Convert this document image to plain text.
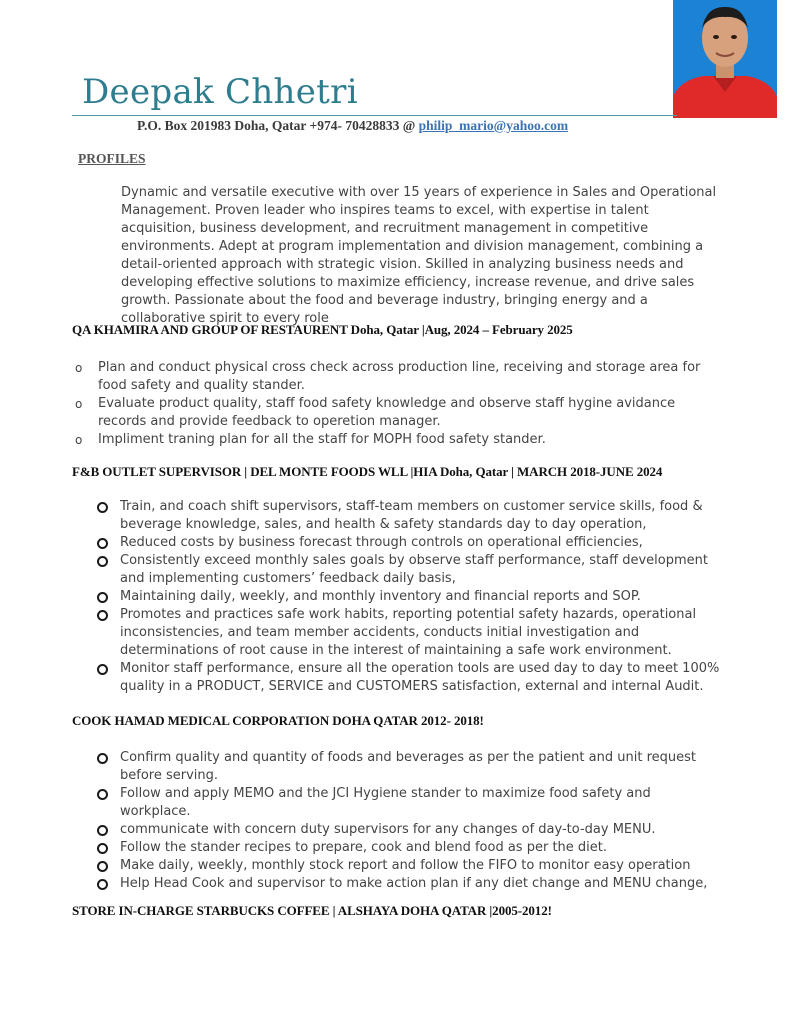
Deepak Chhetri
P.O. Box 201983 Doha, Qatar +974- 70428833 @ philip_mario@yahoo.com
PROFILES

Dynamic and versatile executive with over 15 years of experience in Sales and Operational Management. Proven leader who inspires teams to excel, with expertise in talent acquisition, business development, and recruitment management in competitive environments. Adept at program implementation and division management, combining a detail-oriented approach with strategic vision. Skilled in analyzing business needs and developing effective solutions to maximize efficiency, increase revenue, and drive sales growth. Passionate about the food and beverage industry, bringing energy and a collaborative spirit to every role

QA KHAMIRA AND GROUP OF RESTAURENT Doha, Qatar |Aug, 2024 – February 2025
o Plan and conduct physical cross check across production line, receiving and storage area for food safety and quality stander.
o Evaluate product quality, staff food safety knowledge and observe staff hygine avidance records and provide feedback to operetion manager.
o Impliment traning plan for all the staff for MOPH food safety stander.
F&B OUTLET SUPERVISOR | DEL MONTE FOODS WLL |HIA Doha, Qatar | MARCH 2018-JUNE 2024
Train, and coach shift supervisors, staff-team members on customer service skills, food & beverage knowledge, sales, and health & safety standards day to day operation,
Reduced costs by business forecast through controls on operational efficiencies,
Consistently exceed monthly sales goals by observe staff performance, staff development and implementing customers’ feedback daily basis,
Maintaining daily, weekly, and monthly inventory and financial reports and SOP.
Promotes and practices safe work habits, reporting potential safety hazards, operational inconsistencies, and team member accidents, conducts initial investigation and determinations of root cause in the interest of maintaining a safe work environment.
Monitor staff performance, ensure all the operation tools are used day to day to meet 100% quality in a PRODUCT, SERVICE and CUSTOMERS satisfaction, external and internal Audit.
COOK HAMAD MEDICAL CORPORATION DOHA QATAR 2012- 2018!
Confirm quality and quantity of foods and beverages as per the patient and unit request before serving.
Follow and apply MEMO and the JCI Hygiene stander to maximize food safety and workplace.
communicate with concern duty supervisors for any changes of day-to-day MENU.
Follow the stander recipes to prepare, cook and blend food as per the diet.
Make daily, weekly, monthly stock report and follow the FIFO to monitor easy operation
Help Head Cook and supervisor to make action plan if any diet change and MENU change,
STORE IN-CHARGE STARBUCKS COFFEE | ALSHAYA DOHA QATAR |2005-2012!
